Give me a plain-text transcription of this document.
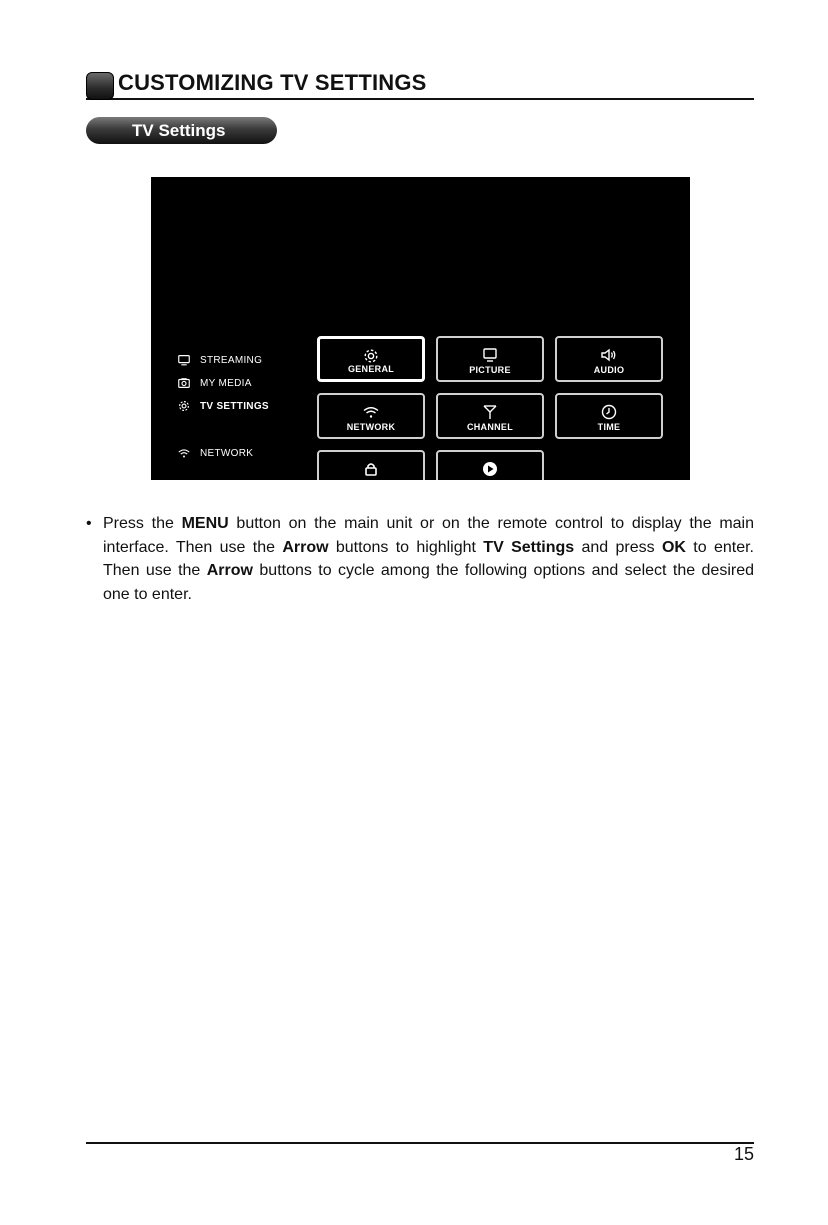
CUSTOMIZING TV SETTINGS
TV Settings
STREAMING
MY MEDIA
TV SETTINGS
NETWORK
GENERAL	PICTURE	AUDIO
NETWORK	CHANNEL	TIME
• Press the MENU button on the main unit or on the remote control to display the main interface. Then use the Arrow buttons to highlight TV Settings and press OK to enter. Then use the Arrow buttons to cycle among the following options and select the desired one to enter.
15
